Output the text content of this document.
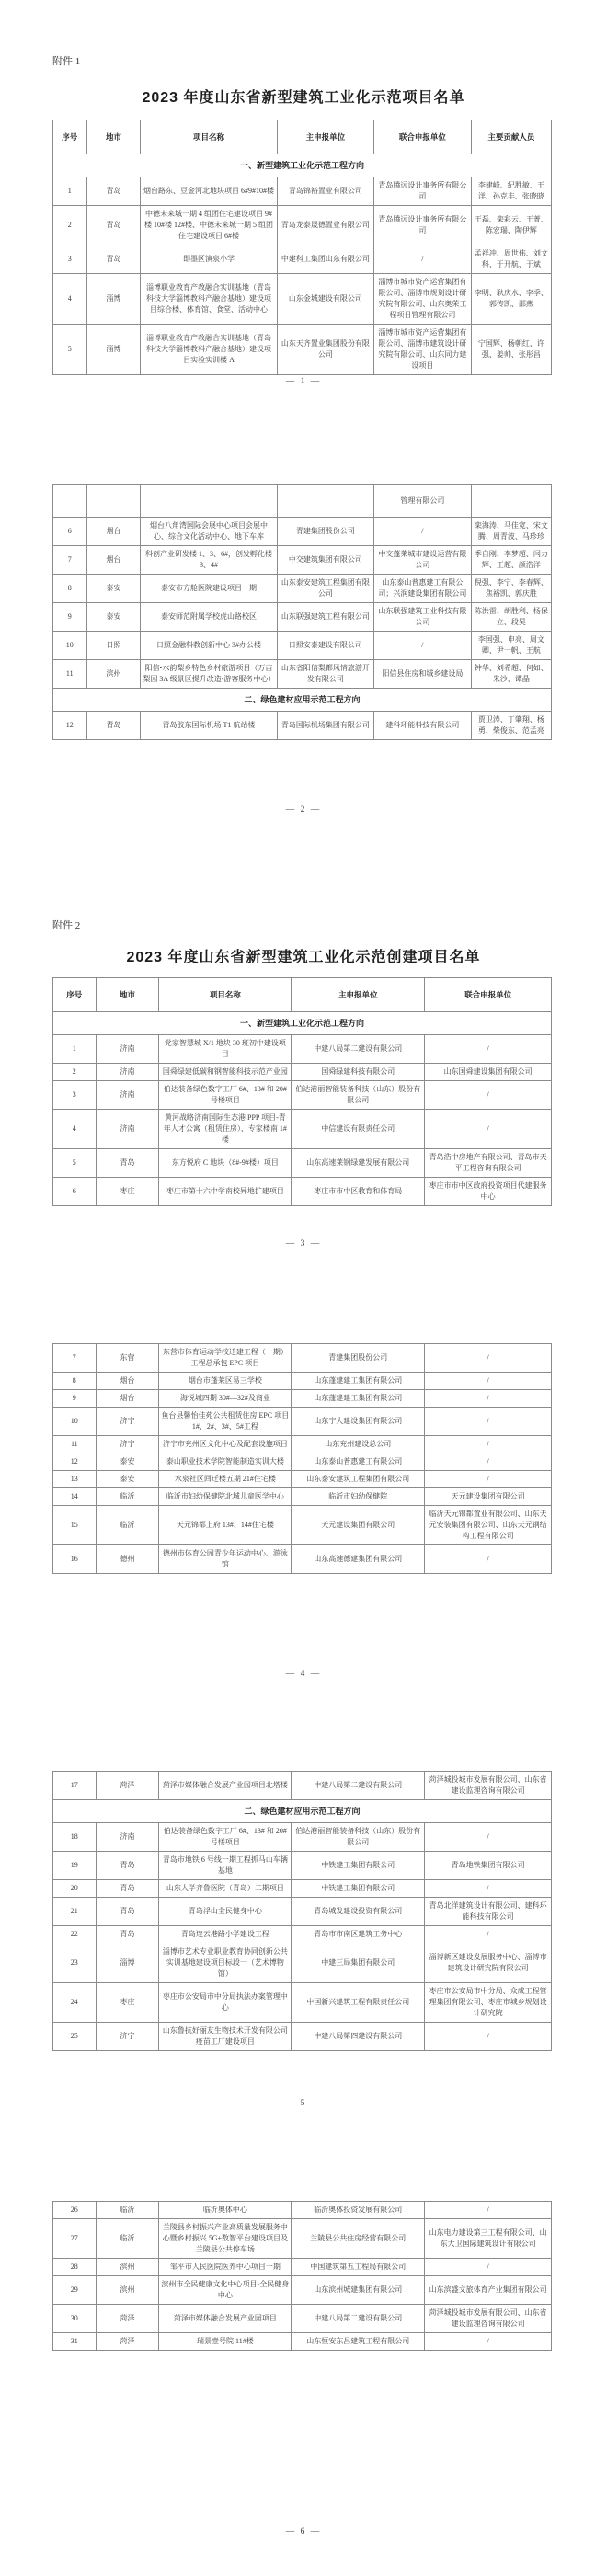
附件 1
2023 年度山东省新型建筑工业化示范项目名单
序号	地市	项目名称	主申报单位	联合申报单位	主要贡献人员
一、新型建筑工业化示范工程方向					
1	青岛	烟台路东、豆金河北地块项目 6#9#10#楼	青岛锦裕置业有限公司	青岛腾远设计事务所有限公司	李建峰、纪胜敏、王洋、孙克丰、张晓晓
2	青岛	中德未来城一期 4 组团住宅建设项目 9#楼 10#楼 12#楼、中德未来城一期 5 组团住宅建设项目 6#楼	青岛龙泰晟德置业有限公司	青岛腾远设计事务所有限公司	王磊、栾彩云、王菁、陈宏瑞、陶伊辉
3	青岛	即墨区演泉小学	中建科工集团山东有限公司	/	孟祥冲、周世伟、刘文科、于开航、于斌
4	淄博	淄博职业教育产教融合实训基地（青岛科技大学淄博教科产融合基地）建设项目综合楼、体育馆、食堂、活动中心	山东金城建设有限公司	淄博市城市资产运营集团有限公司、淄博市规划设计研究院有限公司、山东奥荣工程项目管理有限公司	李明、耿庆水、李季、郭传凯、邵燕
5	淄博	淄博职业教育产教融合实训基地（青岛科技大学淄博教科产融合基地）建设项目实验实训楼 A	山东天齐置业集团股份有限公司	淄博市城市资产运营集团有限公司、淄博市建筑设计研究院有限公司、山东同力建设项目	宁国辉、杨朝红、许强、姜帅、张彤昌
— 1 —
				管理有限公司	
6	烟台	烟台八角湾国际会展中心项目会展中心、综合文化活动中心、地下车库	青建集团股份公司	/	栾海涛、马佳宽、宋文腾、周青波、马珍珍
7	烟台	科创产业研发楼 1、3、6#，创发孵化楼 3、4#	中交建筑集团有限公司	中交蓬莱城市建设运营有限公司	季自刚、李梦超、闫力辉、王超、颜浩洋
8	泰安	泰安市方舱医院建设项目一期	山东泰安建筑工程集团有限公司	山东泰山普惠建工有限公司；兴润建设集团有限公司	倪强、李宁、李春辉、焦裕凯、郭庆胜
9	泰安	泰安师范附属学校虎山路校区	山东联强建筑工程有限公司	山东联强建筑工业科技有限公司	陈洪雷、胡胜利、杨保立、段昊
10	日照	日照金融科教创新中心 3#办公楼	日照安泰建设有限公司	/	李国强、申亮、周文卿、尹一帆、王航
11	滨州	阳信•水韵梨乡特色乡村旅游项目（万亩梨园 3A 级景区提升改造-游客服务中心）	山东省阳信梨都风情旅游开发有限公司	阳信县住房和城乡建设局	钟华、刘希超、何如、朱沙、谭晶
二、绿色建材应用示范工程方向					
12	青岛	青岛胶东国际机场 T1 航站楼	青岛国际机场集团有限公司	建科环能科技有限公司	贾卫涛、丁肇翔、杨勇、柴俊东、范孟亮
— 2 —
附件 2
2023 年度山东省新型建筑工业化示范创建项目名单
序号	地市	项目名称	主申报单位	联合申报单位
一、新型建筑工业化示范工程方向				
1	济南	党家智慧城 X/1 地块 30 班初中建设项目	中建八局第二建设有限公司	/
2	济南	国舜绿建低碳和钢智能科技示范产业园	国舜绿建科技有限公司	山东国舜建设集团有限公司
3	济南	伯达装备绿色数字工厂 6#、13# 和 20#号楼项目	伯达港丽智能装备科技（山东）股份有限公司	/
4	济南	黄河战略济南国际生态港 PPP 项目-青年人才公寓（租赁住房）、专家楼南 1#楼	中信建设有限责任公司	/
5	青岛	东方悦府 C 地块（8#-9#楼）项目	山东高速莱钢绿建发展有限公司	青岛浩中房地产有限公司、青岛市天平工程咨询有限公司
6	枣庄	枣庄市第十六中学南校异地扩建项目	枣庄市市中区教育和体育局	枣庄市市中区政府投资项目代建服务中心
— 3 —
7	东营	东营市体育运动学校迁建工程（一期）工程总承包 EPC 项目	青建集团股份公司	/
8	烟台	烟台市蓬莱区易三学校	山东蓬建建工集团有限公司	/
9	烟台	海悦城四期 30#—32#及商业	山东蓬建建工集团有限公司	/
10	济宁	鱼台县馨怡佳苑公共租赁住房 EPC 项目 1#、2#、3#、5#工程	山东宁大建设集团有限公司	/
11	济宁	济宁市兖州区文化中心及配套设施项目	山东兖州建设总公司	/
12	泰安	泰山职业技术学院智能制造实训大楼	山东泰山普惠建工有限公司	/
13	泰安	水泉社区回迁楼五期 21#住宅楼	山东泰安建筑工程集团有限公司	/
14	临沂	临沂市妇幼保健院北城儿童医学中心	临沂市妇幼保健院	天元建设集团有限公司
15	临沂	天元锦都上府 13#、14#住宅楼	天元建设集团有限公司	临沂天元锦都置业有限公司、山东天元安装集团有限公司、山东天元钢结构工程有限公司
16	德州	德州市体育公园青少年运动中心、游泳馆	山东高速德建集团有限公司	/
— 4 —
17	菏泽	菏泽市媒体融合发展产业园项目北塔楼	中建八局第二建设有限公司	菏泽城投城市发展有限公司、山东省建设监理咨询有限公司
二、绿色建材应用示范工程方向				
18	济南	伯达装备绿色数字工厂 6#、13# 和 20#号楼项目	伯达港丽智能装备科技（山东）股份有限公司	/
19	青岛	青岛市地铁 6 号线一期工程抓马山车辆基地	中铁建工集团有限公司	青岛地铁集团有限公司
20	青岛	山东大学齐鲁医院（青岛）二期项目	中铁建工集团有限公司	/
21	青岛	青岛浮山全民健身中心	青岛城发建设投资有限公司	青岛北洋建筑设计有限公司、建科环能科技有限公司
22	青岛	青岛连云港路小学建设工程	青岛市市南区建筑工务中心	/
23	淄博	淄博市艺术专业职业教育协同创新公共实训基地建设项目标段一（艺术博物馆）	中建三局集团有限公司	淄博新区建设发展服务中心、淄博市建筑设计研究院有限公司
24	枣庄	枣庄市公安局市中分局执法办案管理中心	中国新兴建筑工程有限责任公司	枣庄市公安局市中分局、众成工程管理集团有限公司、枣庄市城乡规划设计研究院
25	济宁	山东鲁抗好丽友生物技术开发有限公司疫苗工厂建设项目	中建八局第四建设有限公司	/
— 5 —
26	临沂	临沂奥体中心	临沂奥体投资发展有限公司	/
27	临沂	兰陵县乡村振兴产业高质量发展服务中心暨乡村振兴 5G+数智平台建设项目及兰陵县公共停车场	兰陵县公共住房经营有限公司	山东电力建设第三工程有限公司、山东大卫国际建筑设计有限公司
28	滨州	邹平市人民医院医养中心项目一期	中国建筑第五工程局有限公司	/
29	滨州	滨州市全民健康文化中心项目-全民健身中心	山东滨州城建集团有限公司	山东滨盛文旅体育产业集团有限公司
30	菏泽	菏泽市媒体融合发展产业园项目	中建八局第二建设有限公司	菏泽城投城市发展有限公司、山东省建设监理咨询有限公司
31	菏泽	瑞景壹号院 11#楼	山东恒安东昌建筑工程有限公司	/
— 6 —
